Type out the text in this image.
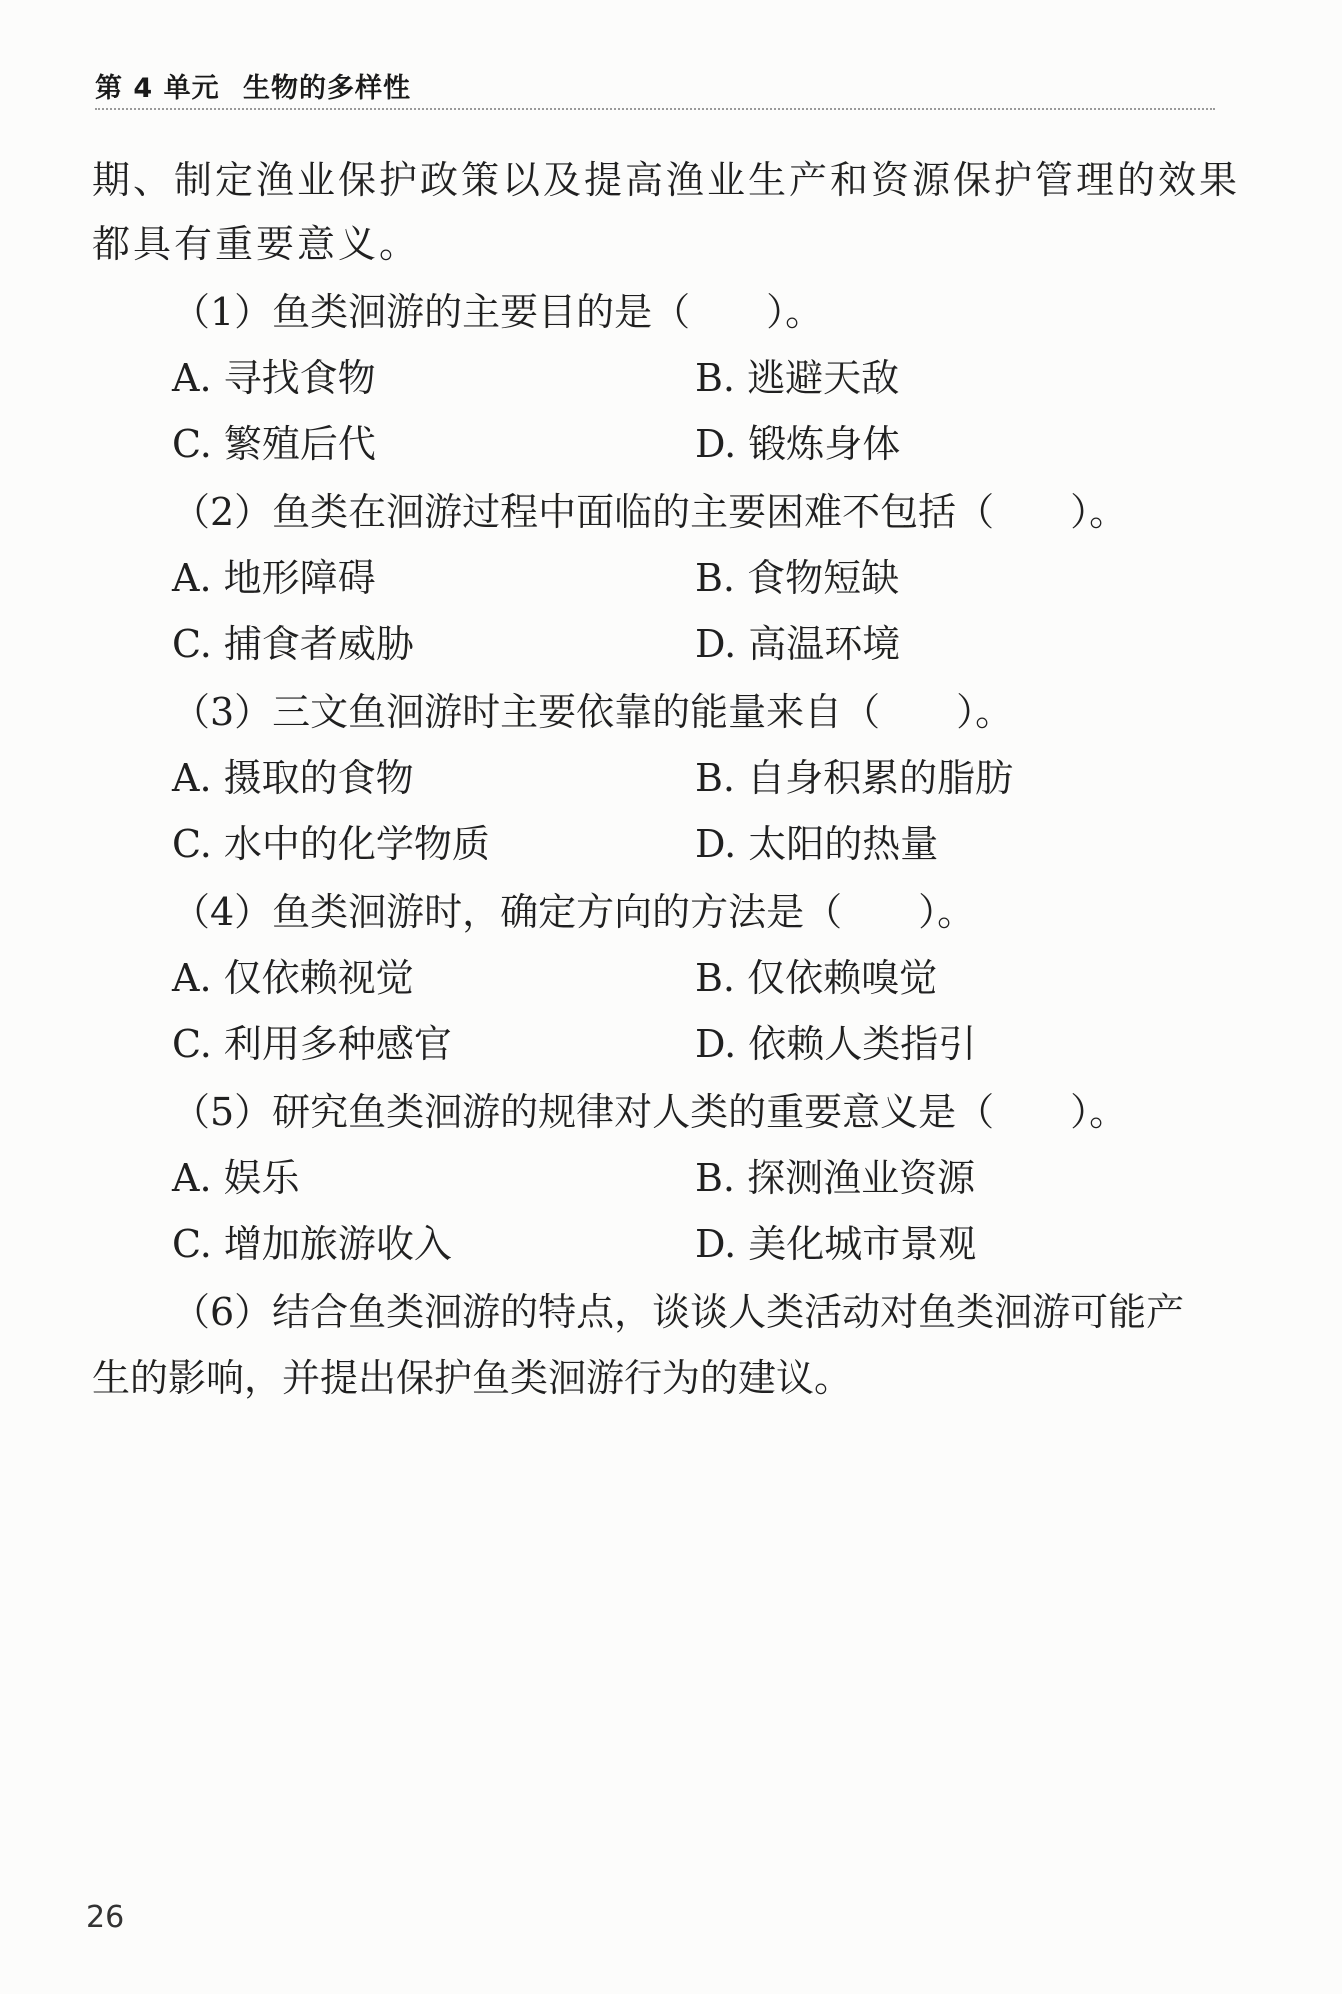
第 4 单元 生物的多样性
期、制定渔业保护政策以及提高渔业生产和资源保护管理的效果
都具有重要意义。
（1）鱼类洄游的主要目的是（　　）。
A. 寻找食物	B. 逃避天敌
C. 繁殖后代	D. 锻炼身体
（2）鱼类在洄游过程中面临的主要困难不包括（　　）。
A. 地形障碍	B. 食物短缺
C. 捕食者威胁	D. 高温环境
（3）三文鱼洄游时主要依靠的能量来自（　　）。
A. 摄取的食物	B. 自身积累的脂肪
C. 水中的化学物质	D. 太阳的热量
（4）鱼类洄游时，确定方向的方法是（　　）。
A. 仅依赖视觉	B. 仅依赖嗅觉
C. 利用多种感官	D. 依赖人类指引
（5）研究鱼类洄游的规律对人类的重要意义是（　　）。
A. 娱乐	B. 探测渔业资源
C. 增加旅游收入	D. 美化城市景观
（6）结合鱼类洄游的特点，谈谈人类活动对鱼类洄游可能产
生的影响，并提出保护鱼类洄游行为的建议。
26
